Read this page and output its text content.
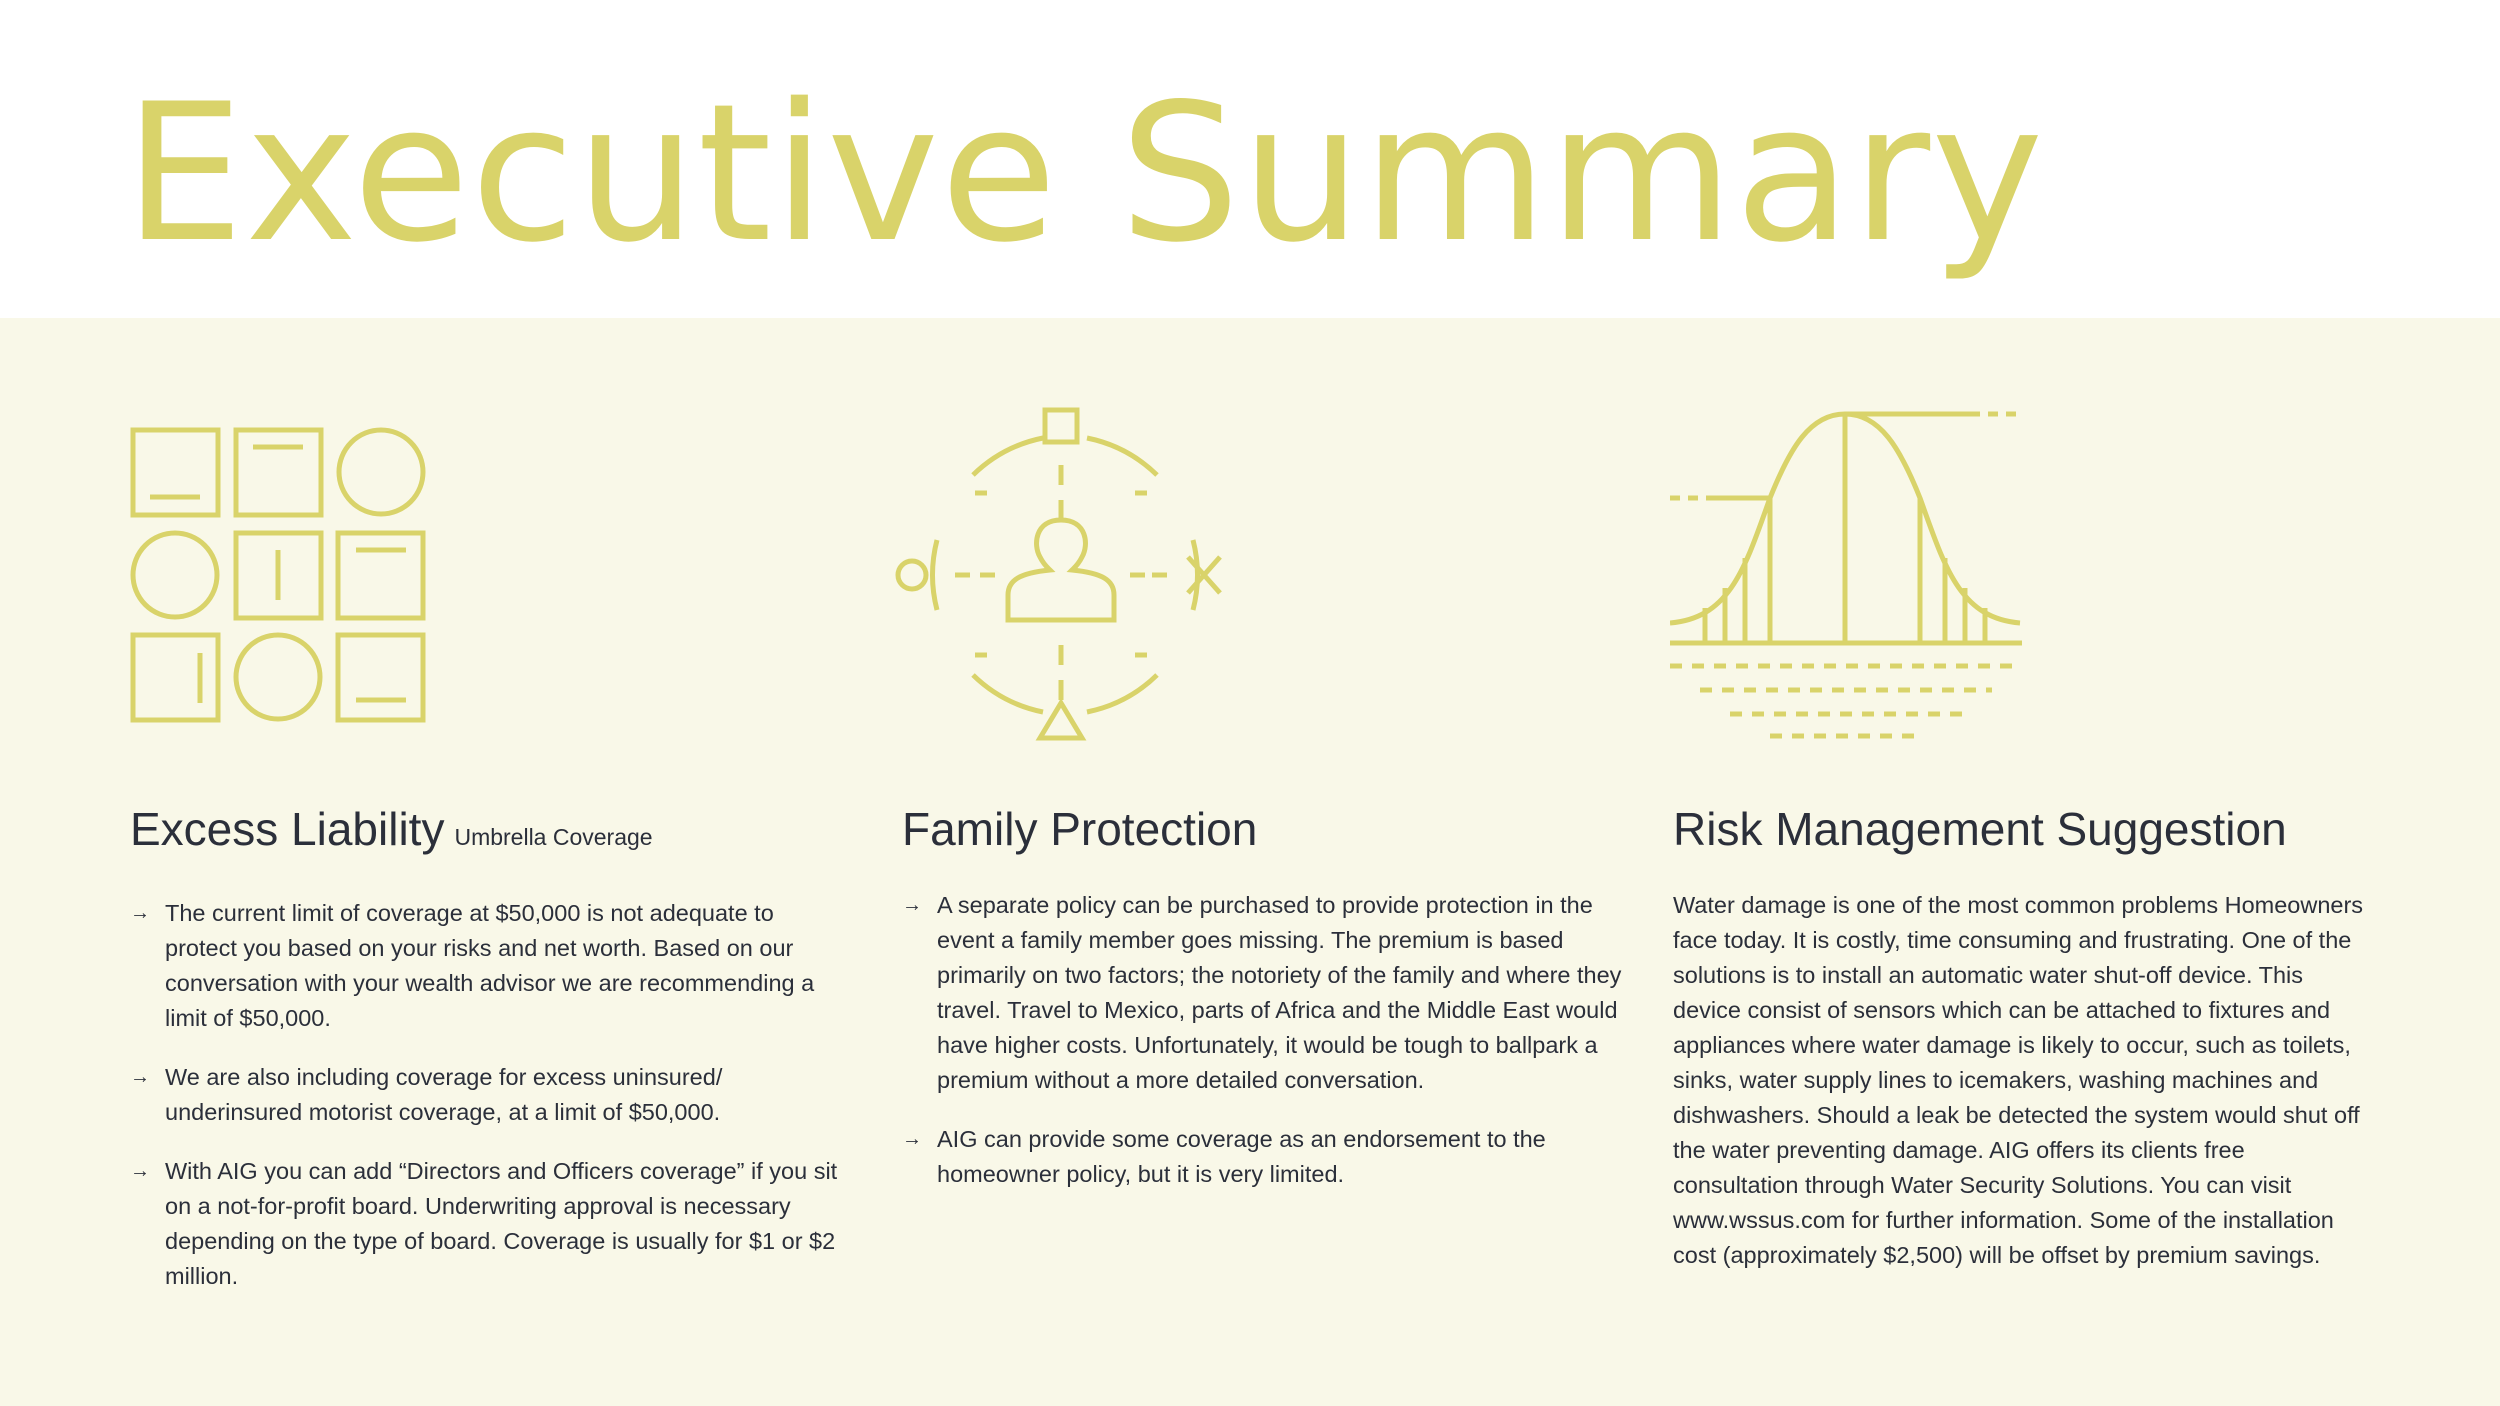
Executive Summary
Excess Liability Umbrella Coverage
→ The current limit of coverage at $50,000 is not adequate to protect you based on your risks and net worth. Based on our conversation with your wealth advisor we are recommending a limit of $50,000.
→ We are also including coverage for excess uninsured/ underinsured motorist coverage, at a limit of $50,000.
→ With AIG you can add “Directors and Officers coverage” if you sit on a not-for-profit board. Underwriting approval is necessary depending on the type of board. Coverage is usually for $1 or $2 million.
Family Protection
→ A separate policy can be purchased to provide protection in the event a family member goes missing. The premium is based primarily on two factors; the notoriety of the family and where they travel. Travel to Mexico, parts of Africa and the Middle East would have higher costs. Unfortunately, it would be tough to ballpark a premium without a more detailed conversation.
→ AIG can provide some coverage as an endorsement to the homeowner policy, but it is very limited.
Risk Management Suggestion

Water damage is one of the most common problems Homeowners face today. It is costly, time consuming and frustrating. One of the solutions is to install an automatic water shut-off device. This device consist of sensors which can be attached to fixtures and appliances where water damage is likely to occur, such as toilets, sinks, water supply lines to icemakers, washing machines and dishwashers. Should a leak be detected the system would shut off the water preventing damage. AIG offers its clients free consultation through Water Security Solutions. You can visit www.wssus.com for further information. Some of the installation cost (approximately $2,500) will be offset by premium savings.
